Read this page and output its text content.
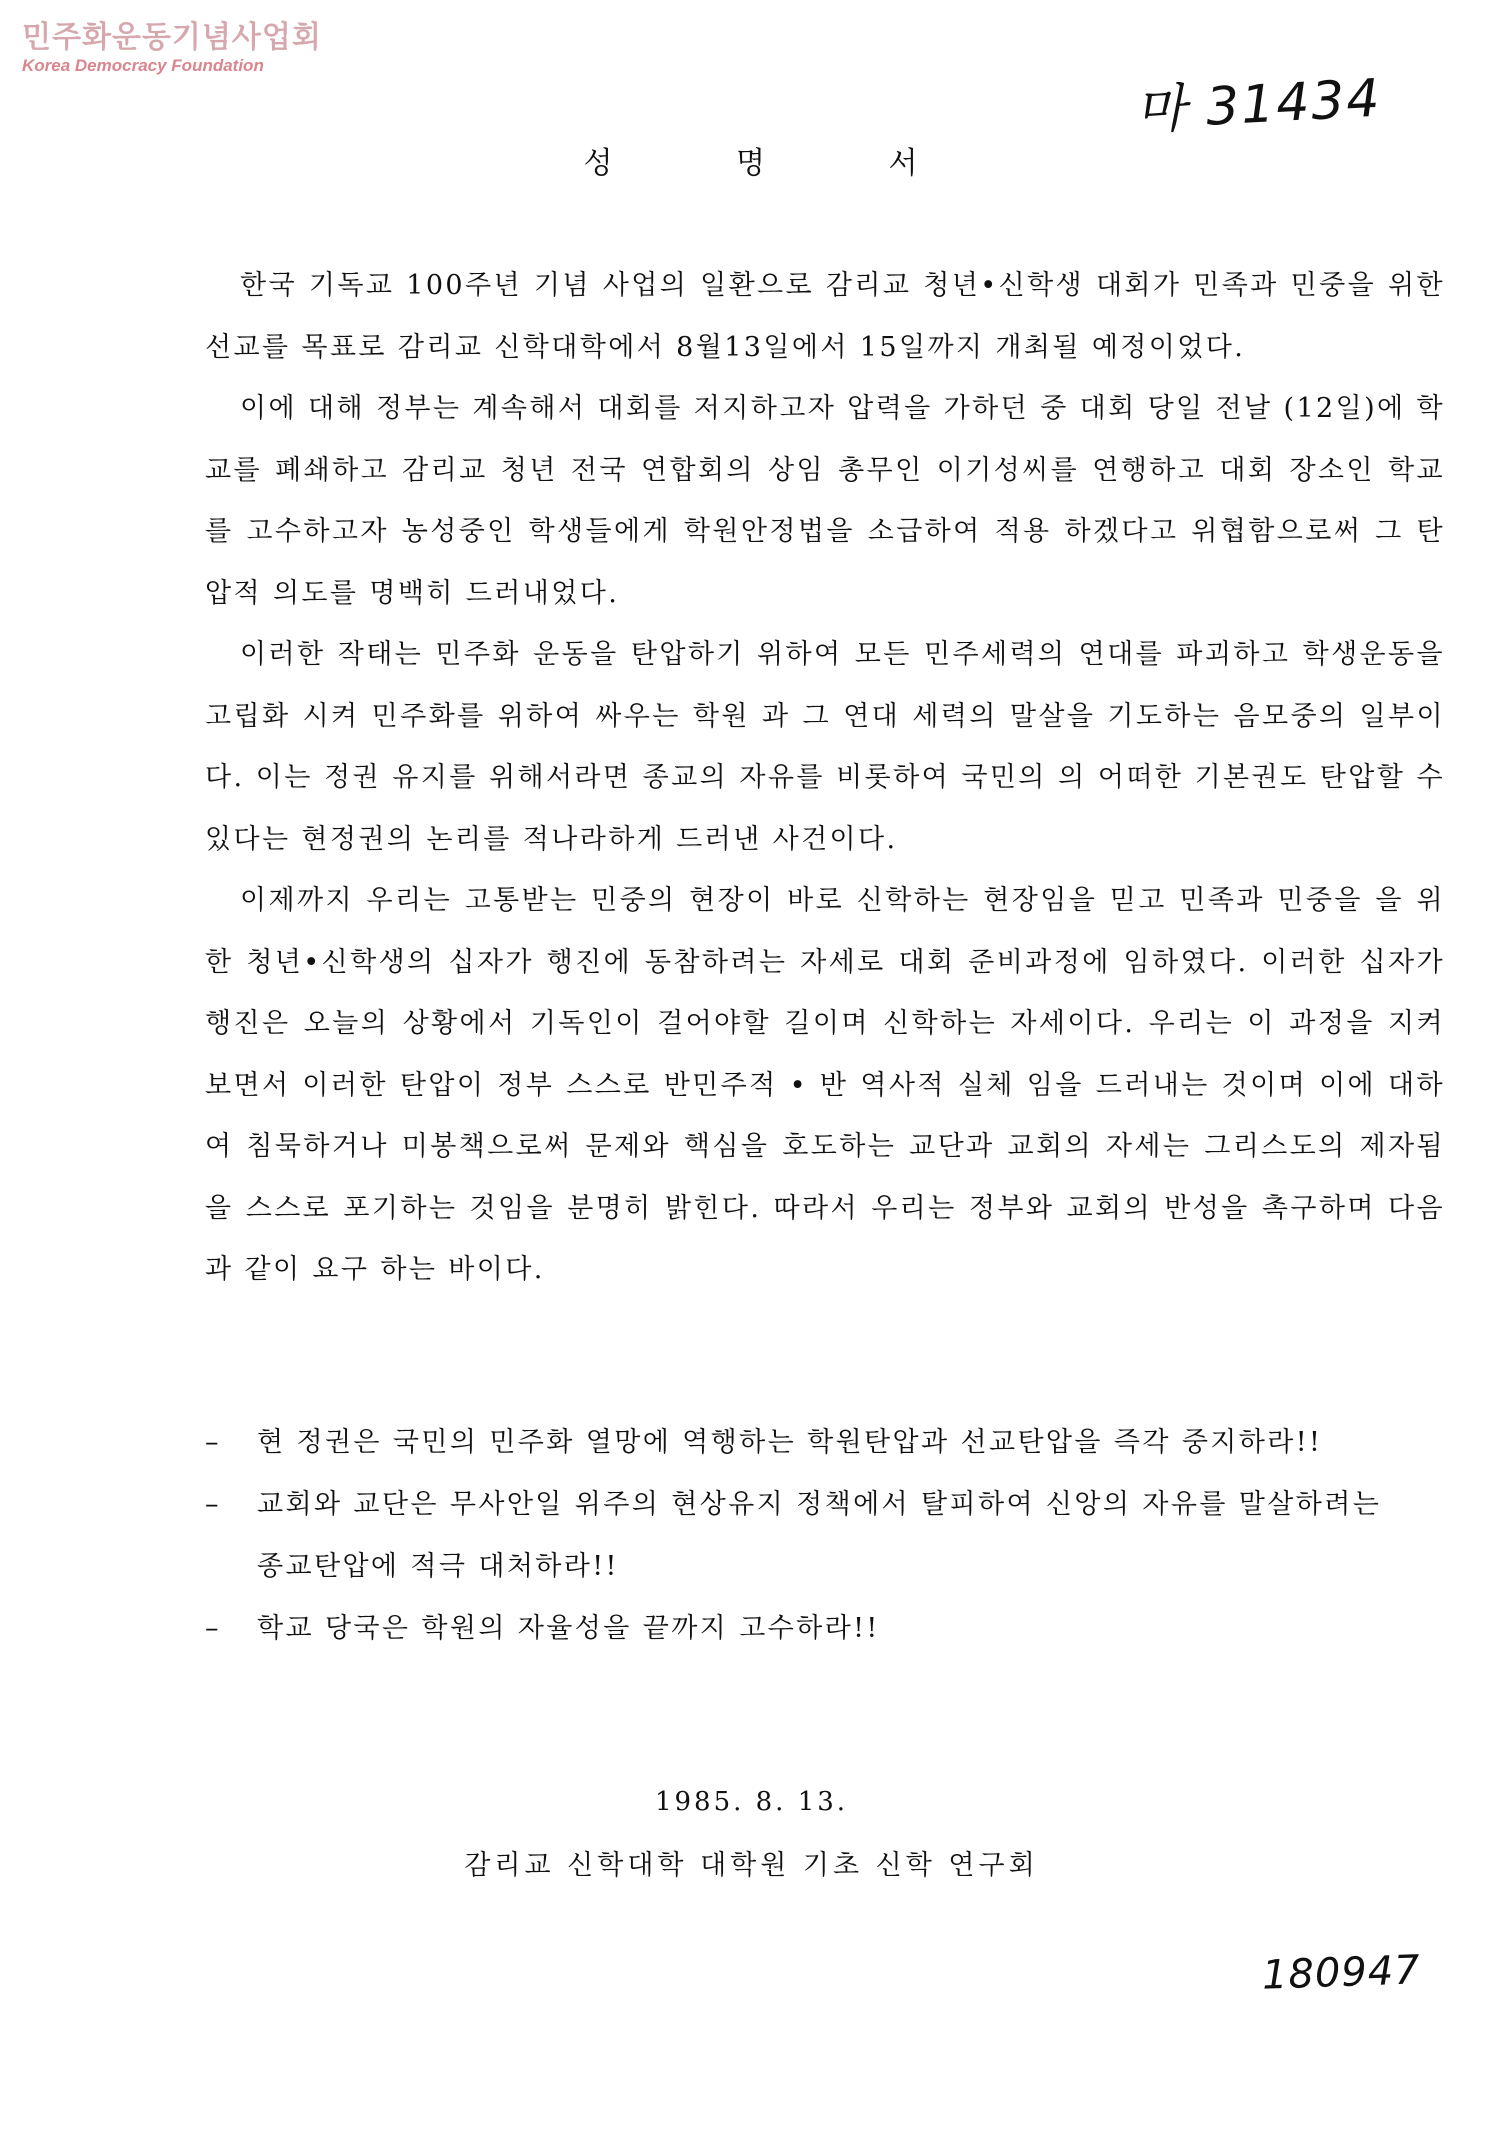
민주화운동기념사업회
Korea Democracy Foundation
마 31434
성 명 서

한국 기독교 100주년 기념 사업의 일환으로 감리교 청년•신학생 대회가 민족과 민중을 위한 선교를 목표로 감리교 신학대학에서 8월13일에서 15일까지 개최될 예정이었다.

이에 대해 정부는 계속해서 대회를 저지하고자 압력을 가하던 중 대회 당일 전날 (12일)에 학교를 폐쇄하고 감리교 청년 전국 연합회의 상임 총무인 이기성씨를 연행하고 대회 장소인 학교를 고수하고자 농성중인 학생들에게 학원안정법을 소급하여 적용 하겠다고 위협함으로써 그 탄압적 의도를 명백히 드러내었다.

이러한 작태는 민주화 운동을 탄압하기 위하여 모든 민주세력의 연대를 파괴하고 학생운동을 고립화 시켜 민주화를 위하여 싸우는 학원 과 그 연대 세력의 말살을 기도하는 음모중의 일부이다. 이는 정권 유지를 위해서라면 종교의 자유를 비롯하여 국민의 의 어떠한 기본권도 탄압할 수 있다는 현정권의 논리를 적나라하게 드러낸 사건이다.

이제까지 우리는 고통받는 민중의 현장이 바로 신학하는 현장임을 믿고 민족과 민중을 을 위한 청년•신학생의 십자가 행진에 동참하려는 자세로 대회 준비과정에 임하였다. 이러한 십자가 행진은 오늘의 상황에서 기독인이 걸어야할 길이며 신학하는 자세이다. 우리는 이 과정을 지켜보면서 이러한 탄압이 정부 스스로 반민주적 • 반 역사적 실체 임을 드러내는 것이며 이에 대하여 침묵하거나 미봉책으로써 문제와 핵심을 호도하는 교단과 교회의 자세는 그리스도의 제자됨을 스스로 포기하는 것임을 분명히 밝힌다. 따라서 우리는 정부와 교회의 반성을 촉구하며 다음과 같이 요구 하는 바이다.

– 현 정권은 국민의 민주화 열망에 역행하는 학원탄압과 선교탄압을 즉각 중지하라!!
– 교회와 교단은 무사안일 위주의 현상유지 정책에서 탈피하여 신앙의 자유를 말살하려는 종교탄압에 적극 대처하라!!
– 학교 당국은 학원의 자율성을 끝까지 고수하라!!
1985. 8. 13.
감리교 신학대학 대학원 기초 신학 연구회
180947
